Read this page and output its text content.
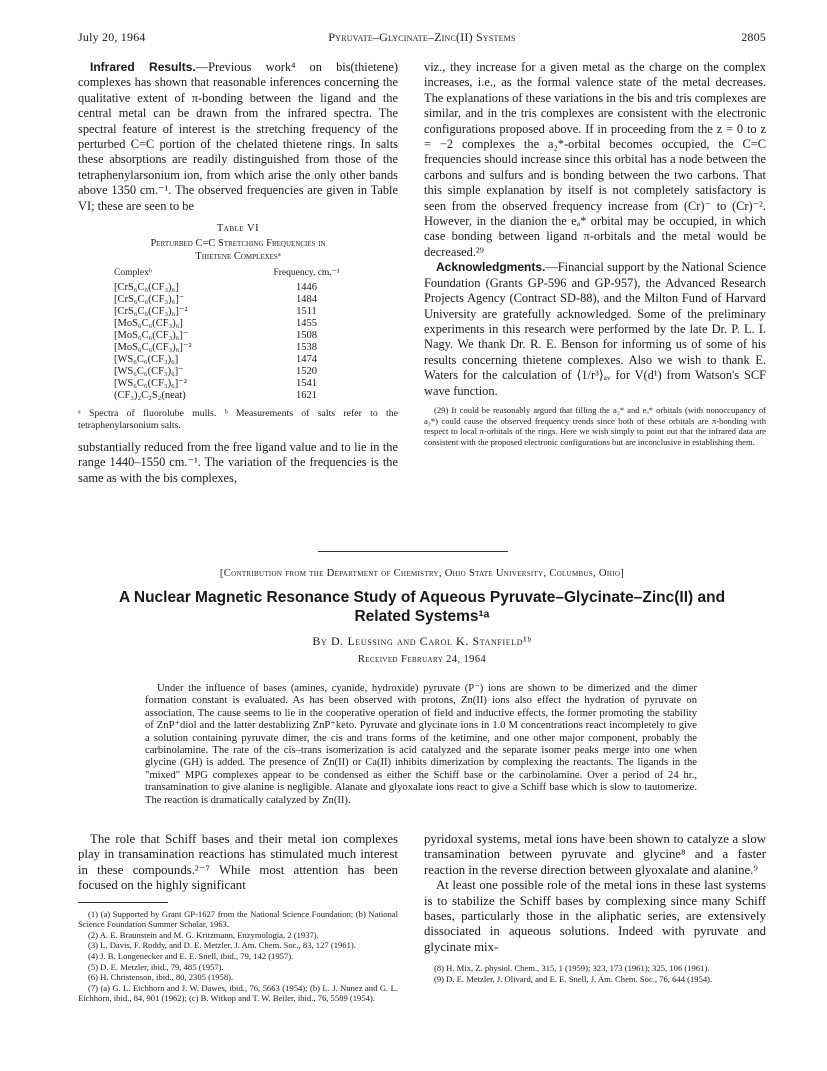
July 20, 1964	Pyruvate–Glycinate–Zinc(II) Systems	2805

Infrared Results.—Previous work⁴ on bis(thietene) complexes has shown that reasonable inferences concerning the qualitative extent of π-bonding between the ligand and the central metal can be drawn from the infrared spectra. The spectral feature of interest is the stretching frequency of the perturbed C=C portion of the chelated thietene rings. In salts these absorptions are readily distinguished from those of the tetraphenylarsonium ion, from which arise the only other bands above 1350 cm.⁻¹. The observed frequencies are given in Table VI; these are seen to be

Table VI
Perturbed C=C Stretching Frequencies in
Thietene Complexesᵃ
Complexᵇ	Frequency, cm.⁻¹
[CrS₆C₆(CF₃)₆]	1446
[CrS₆C₆(CF₃)₆]⁻	1484
[CrS₆C₆(CF₃)₆]⁻²	1511
[MoS₆C₆(CF₃)₆]	1455
[MoS₆C₆(CF₃)₆]⁻	1508
[MoS₆C₆(CF₃)₆]⁻²	1538
[WS₆C₆(CF₃)₆]	1474
[WS₆C₆(CF₃)₆]⁻	1520
[WS₆C₆(CF₃)₆]⁻²	1541
(CF₃)₂C₂S₂(neat)	1621
ᵃ Spectra of fluorolube mulls. ᵇ Measurements of salts refer to the tetraphenylarsonium salts.

substantially reduced from the free ligand value and to lie in the range 1440–1550 cm.⁻¹. The variation of the frequencies is the same as with the bis complexes,

viz., they increase for a given metal as the charge on the complex increases, i.e., as the formal valence state of the metal decreases. The explanations of these variations in the bis and tris complexes are similar, and in the tris complexes are consistent with the electronic configurations proposed above. If in proceeding from the z = 0 to z = −2 complexes the a₂*-orbital becomes occupied, the C=C frequencies should increase since this orbital has a node between the carbons and sulfurs and is bonding between the two carbons. That this simple explanation by itself is not completely satisfactory is seen from the observed frequency increase from (Cr)⁻ to (Cr)⁻². However, in the dianion the eₐ* orbital may be occupied, in which case bonding between ligand π-orbitals and the metal would be decreased.²⁹

Acknowledgments.—Financial support by the National Science Foundation (Grants GP-596 and GP-957), the Advanced Research Projects Agency (Contract SD-88), and the Milton Fund of Harvard University are gratefully acknowledged. Some of the preliminary experiments in this research were performed by the late Dr. P. L. I. Nagy. We thank Dr. R. E. Benson for informing us of some of his results concerning thietene complexes. Also we wish to thank E. Waters for the calculation of ⟨1/r³⟩ₐᵥ for V(d¹) from Watson's SCF wave function.

(29) It could be reasonably argued that filling the a₂* and eₐ* orbitals (with nonoccupancy of a₂*) could cause the observed frequency trends since both of these orbitals are π-bonding with respect to local π-orbitals of the rings. Here we wish simply to point out that the infrared data are consistent with the proposed electronic configurations but are inconclusive in establishing them.

[Contribution from the Department of Chemistry, Ohio State University, Columbus, Ohio]
A Nuclear Magnetic Resonance Study of Aqueous Pyruvate–Glycinate–Zinc(II) and
Related Systems¹ᵃ
By D. Leussing and Carol K. Stanfield¹ᵇ
Received February 24, 1964
Under the influence of bases (amines, cyanide, hydroxide) pyruvate (P⁻) ions are shown to be dimerized and the dimer formation constant is evaluated. As has been observed with protons, Zn(II) ions also effect the hydration of pyruvate on association. The cause seems to lie in the cooperative operation of field and inductive effects, the former promoting the stability of ZnP⁺diol and the latter destablizing ZnP⁺keto. Pyruvate and glycinate ions in 1.0 M concentrations react incompletely to give a solution containing pyruvate dimer, the cis and trans forms of the ketimine, and one other major component, probably the carbinolamine. The rate of the cis–trans isomerization is acid catalyzed and the separate isomer peaks merge into one when glycine (GH) is added. The presence of Zn(II) or Ca(II) inhibits dimerization by complexing the reactants. The ligands in the "mixed" MPG complexes appear to be condensed as either the Schiff base or the carbinolamine. Over a period of 24 hr., transamination to give alanine is negligible. Alanate and glyoxalate ions react to give a Schiff base which is slow to tautomerize. The reaction is dramatically catalyzed by Zn(II).

The role that Schiff bases and their metal ion complexes play in transamination reactions has stimulated much interest in these compounds.²⁻⁷ While most attention has been focused on the highly significant

(1) (a) Supported by Grant GP-1627 from the National Science Foundation; (b) National Science Foundation Summer Scholar, 1963.

(2) A. E. Braunstein and M. G. Kritzmann, Enzymologia, 2 (1937).

(3) L. Davis, F. Roddy, and D. E. Metzler, J. Am. Chem. Soc., 83, 127 (1961).

(4) J. B. Longenecker and E. E. Snell, ibid., 79, 142 (1957).

(5) D. E. Metzler, ibid., 79, 485 (1957).

(6) H. Christenson, ibid., 80, 2305 (1958).

(7) (a) G. L. Eichhorn and J. W. Dawes, ibid., 76, 5663 (1954); (b) L. J. Nunez and G. L. Eichhorn, ibid., 84, 901 (1962); (c) B. Witkop and T. W. Beiler, ibid., 76, 5589 (1954).

pyridoxal systems, metal ions have been shown to catalyze a slow transamination between pyruvate and glycine⁸ and a faster reaction in the reverse direction between glyoxalate and alanine.⁹

At least one possible role of the metal ions in these last systems is to stabilize the Schiff bases by complexing since many Schiff bases, particularly those in the aliphatic series, are extensively dissociated in aqueous solutions. Indeed with pyruvate and glycinate mix-

(8) H. Mix, Z. physiol. Chem., 315, 1 (1959); 323, 173 (1961); 325, 106 (1961).

(9) D. E. Metzler, J. Olivard, and E. E. Snell, J. Am. Chem. Soc., 76, 644 (1954).
